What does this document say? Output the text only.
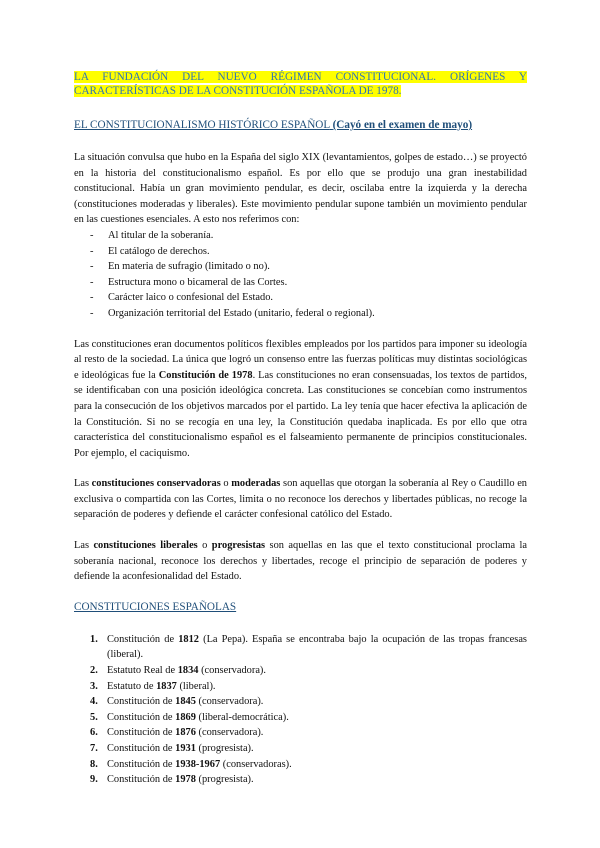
LA FUNDACIÓN DEL NUEVO RÉGIMEN CONSTITUCIONAL. ORÍGENES Y CARACTERÍSTICAS DE LA CONSTITUCIÓN ESPAÑOLA DE 1978.
EL CONSTITUCIONALISMO HISTÓRICO ESPAÑOL (Cayó en el examen de mayo)

La situación convulsa que hubo en la España del siglo XIX (levantamientos, golpes de estado…) se proyectó en la historia del constitucionalismo español. Es por ello que se produjo una gran inestabilidad constitucional. Había un gran movimiento pendular, es decir, oscilaba entre la izquierda y la derecha (constituciones moderadas y liberales). Este movimiento pendular supone también un movimiento pendular en las cuestiones esenciales. A esto nos referimos con:

- Al titular de la soberanía.
- El catálogo de derechos.
- En materia de sufragio (limitado o no).
- Estructura mono o bicameral de las Cortes.
- Carácter laico o confesional del Estado.
- Organización territorial del Estado (unitario, federal o regional).

Las constituciones eran documentos políticos flexibles empleados por los partidos para imponer su ideología al resto de la sociedad. La única que logró un consenso entre las fuerzas políticas muy distintas sociológicas e ideológicas fue la Constitución de 1978. Las constituciones no eran consensuadas, los textos de partidos, se identificaban con una posición ideológica concreta. Las constituciones se concebían como instrumentos para la consecución de los objetivos marcados por el partido. La ley tenía que hacer efectiva la aplicación de la Constitución. Si no se recogía en una ley, la Constitución quedaba inaplicada. Es por ello que otra característica del constitucionalismo español es el falseamiento permanente de principios constitucionales. Por ejemplo, el caciquismo.

Las constituciones conservadoras o moderadas son aquellas que otorgan la soberanía al Rey o Caudillo en exclusiva o compartida con las Cortes, limita o no reconoce los derechos y libertades públicas, no recoge la separación de poderes y defiende el carácter confesional católico del Estado.

Las constituciones liberales o progresistas son aquellas en las que el texto constitucional proclama la soberanía nacional, reconoce los derechos y libertades, recoge el principio de separación de poderes y defiende la aconfesionalidad del Estado.

CONSTITUCIONES ESPAÑOLAS
1. Constitución de 1812 (La Pepa). España se encontraba bajo la ocupación de las tropas francesas (liberal).
2. Estatuto Real de 1834 (conservadora).
3. Estatuto de 1837 (liberal).
4. Constitución de 1845 (conservadora).
5. Constitución de 1869 (liberal-democrática).
6. Constitución de 1876 (conservadora).
7. Constitución de 1931 (progresista).
8. Constitución de 1938-1967 (conservadoras).
9. Constitución de 1978 (progresista).
